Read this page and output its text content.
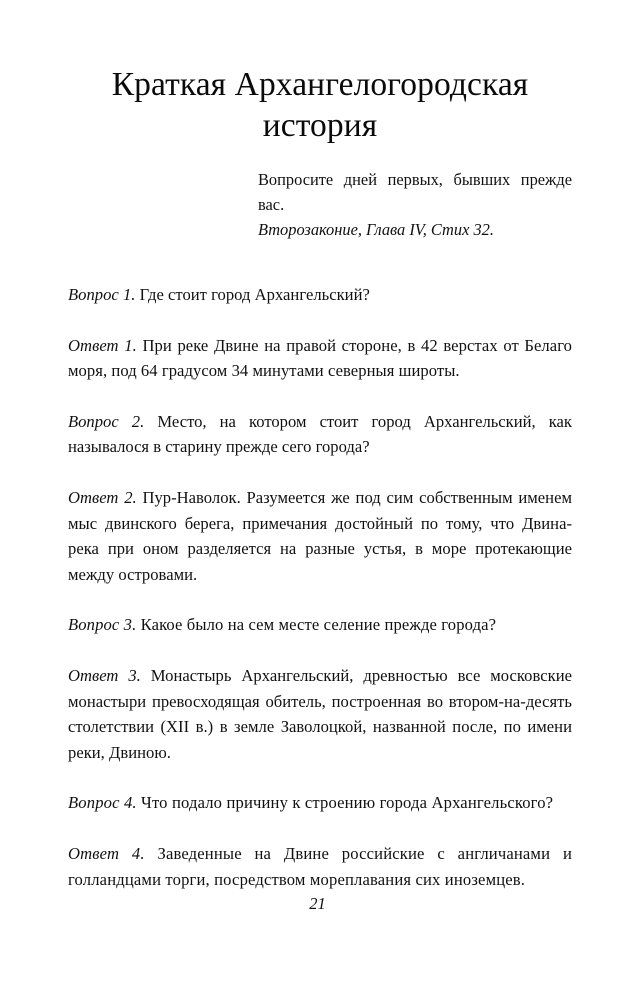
Краткая Архангелогородская
история
Вопросите дней первых, бывших прежде вас.
Второзаконие, Глава IV, Стих 32.

Вопрос 1. Где стоит город Архангельский?

Ответ 1. При реке Двине на правой стороне, в 42 верстах от Белаго моря, под 64 градусом 34 минутами северныя широты.

Вопрос 2. Место, на котором стоит город Архангельский, как называлося в старину прежде сего города?

Ответ 2. Пур-Наволок. Разумеется же под сим собственным именем мыс двинского берега, примечания достойный по тому, что Двина-река при оном разделяется на разные устья, в море протекающие между островами.

Вопрос 3. Какое было на сем месте селение прежде города?

Ответ 3. Монастырь Архангельский, древностью все московские монастыри превосходящая обитель, построенная во втором-на-десять столетствии (XII в.) в земле Заволоцкой, названной после, по имени реки, Двиною.

Вопрос 4. Что подало причину к строению города Архангельского?

Ответ 4. Заведенные на Двине российские с англичанами и голландцами торги, посредством мореплавания сих иноземцев.

21
